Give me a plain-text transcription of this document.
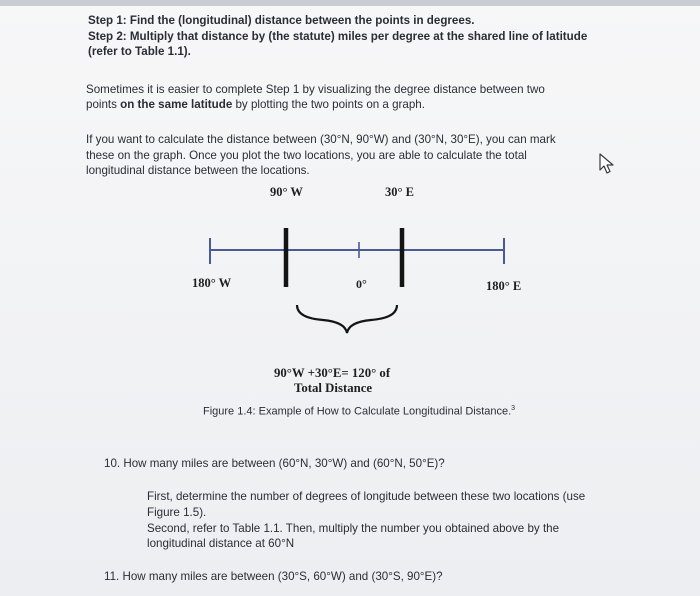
Step 1: Find the (longitudinal) distance between the points in degrees.

Step 2: Multiply that distance by (the statute) miles per degree at the shared line of latitude

(refer to Table 1.1).

Sometimes it is easier to complete Step 1 by visualizing the degree distance between two

points on the same latitude by plotting the two points on a graph.

If you want to calculate the distance between (30°N, 90°W) and (30°N, 30°E), you can mark

these on the graph. Once you plot the two locations, you are able to calculate the total

longitudinal distance between the locations.

90° W	30° E

180° W	0°	180° E

90°W +30°E= 120° of

Total Distance

Figure 1.4: Example of How to Calculate Longitudinal Distance.$^3$

10. How many miles are between (60°N, 30°W) and (60°N, 50°E)?

First, determine the number of degrees of longitude between these two locations (use

Figure 1.5).

Second, refer to Table 1.1. Then, multiply the number you obtained above by the

longitudinal distance at 60°N

11. How many miles are between (30°S, 60°W) and (30°S, 90°E)?
